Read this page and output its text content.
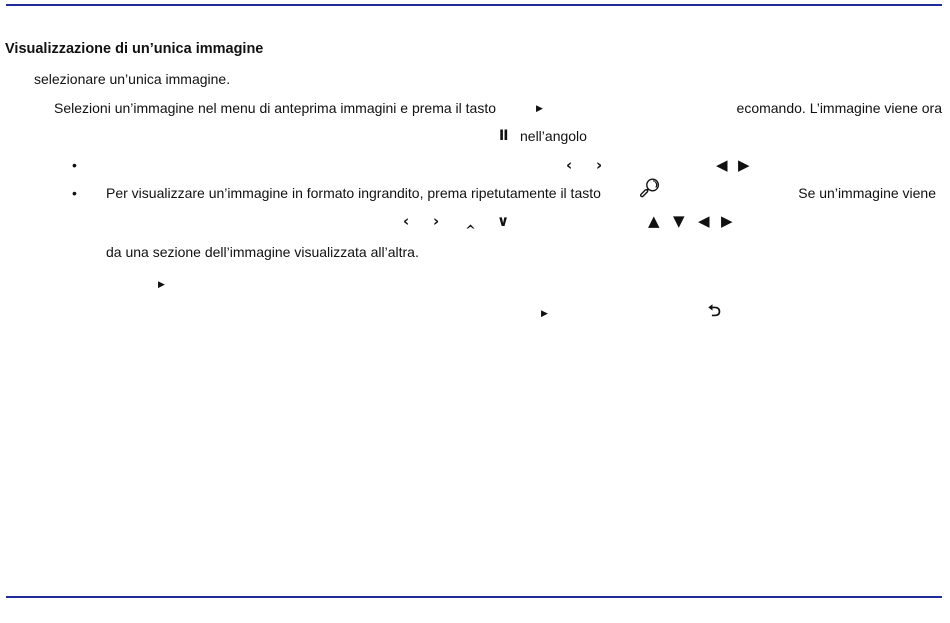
Visualizzazione di un’unica immagine
selezionare un’unica immagine.
Selezioni un’immagine nel menu di anteprima immagini e prema il tasto	▶	ecomando. L’immagine viene ora
II nell’angolo
•	‹ ›	◀ ▶
• Per visualizzare un’immagine in formato ingrandito, prema ripetutamente il tasto 🔎︎	Se un’immagine viene
‹ › ‸ ∨	▲ ▼ ◀ ▶
da una sezione dell’immagine visualizzata all’altra.
▶
▶	⮌
